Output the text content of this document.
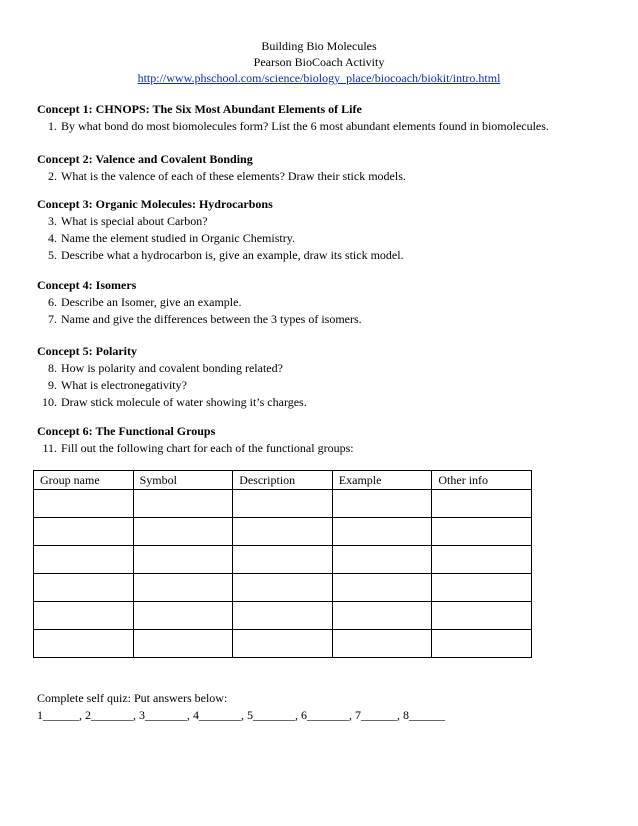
Building Bio Molecules
Pearson BioCoach Activity
http://www.phschool.com/science/biology_place/biocoach/biokit/intro.html
Concept 1: CHNOPS: The Six Most Abundant Elements of Life
1. By what bond do most biomolecules form? List the 6 most abundant elements found in biomolecules.
Concept 2: Valence and Covalent Bonding
2. What is the valence of each of these elements? Draw their stick models.
Concept 3: Organic Molecules: Hydrocarbons
3. What is special about Carbon?
4. Name the element studied in Organic Chemistry.
5. Describe what a hydrocarbon is, give an example, draw its stick model.
Concept 4: Isomers
6. Describe an Isomer, give an example.
7. Name and give the differences between the 3 types of isomers.
Concept 5: Polarity
8. How is polarity and covalent bonding related?
9. What is electronegativity?
10. Draw stick molecule of water showing it’s charges.
Concept 6: The Functional Groups
11. Fill out the following chart for each of the functional groups:
Group name	Symbol	Description	Example	Other info

Complete self quiz: Put answers below:
1______, 2_______, 3_______, 4_______, 5_______, 6_______, 7______, 8______
